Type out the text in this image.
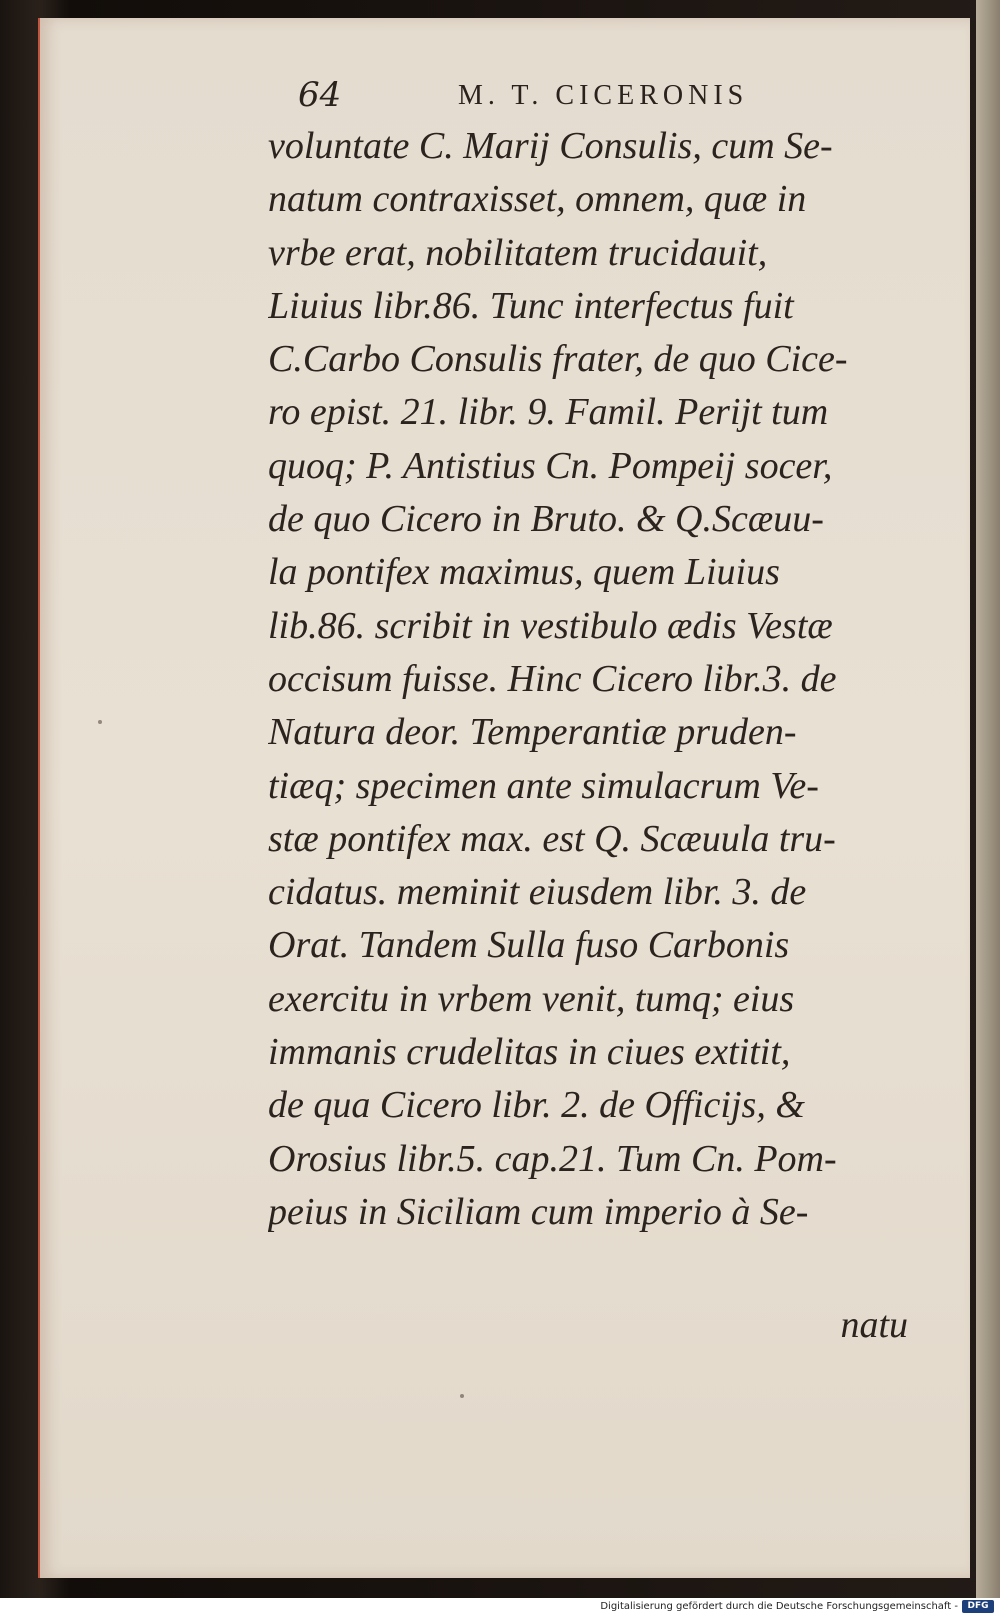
64	M. T. CICERONIS
voluntate C. Marij Consulis, cum Se-
natum contraxisset, omnem, quæ in
vrbe erat, nobilitatem trucidauit,
Liuius libr.86. Tunc interfectus fuit
C.Carbo Consulis frater, de quo Cice-
ro epist. 21. libr. 9. Famil. Perijt tum
quoq; P. Antistius Cn. Pompeij socer,
de quo Cicero in Bruto. & Q.Scæuu-
la pontifex maximus, quem Liuius
lib.86. scribit in vestibulo ædis Vestæ
occisum fuisse. Hinc Cicero libr.3. de
Natura deor. Temperantiæ pruden-
tiæq; specimen ante simulacrum Ve-
stæ pontifex max. est Q. Scæuula tru-
cidatus. meminit eiusdem libr. 3. de
Orat. Tandem Sulla fuso Carbonis
exercitu in vrbem venit, tumq; eius
immanis crudelitas in ciues extitit,
de qua Cicero libr. 2. de Officijs, &
Orosius libr.5. cap.21. Tum Cn. Pom-
peius in Siciliam cum imperio à Se-
natu
Digitalisierung gefördert durch die Deutsche Forschungsgemeinschaft -	DFG
